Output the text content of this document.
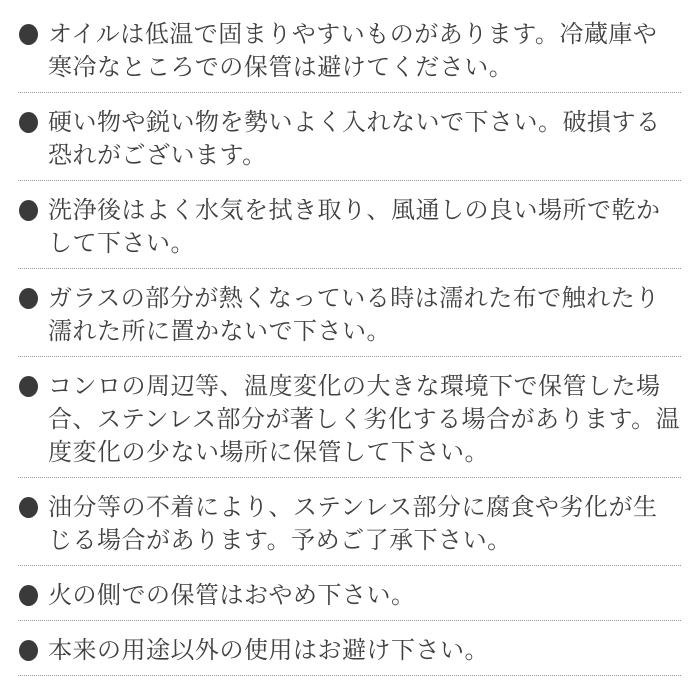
オイルは低温で固まりやすいものがあります。冷蔵庫や寒冷なところでの保管は避けてください。
硬い物や鋭い物を勢いよく入れないで下さい。破損する恐れがございます。
洗浄後はよく水気を拭き取り、風通しの良い場所で乾かして下さい。
ガラスの部分が熱くなっている時は濡れた布で触れたり濡れた所に置かないで下さい。
コンロの周辺等、温度変化の大きな環境下で保管した場合、ステンレス部分が著しく劣化する場合があります。温度変化の少ない場所に保管して下さい。
油分等の不着により、ステンレス部分に腐食や劣化が生じる場合があります。予めご了承下さい。
火の側での保管はおやめ下さい。
本来の用途以外の使用はお避け下さい。
